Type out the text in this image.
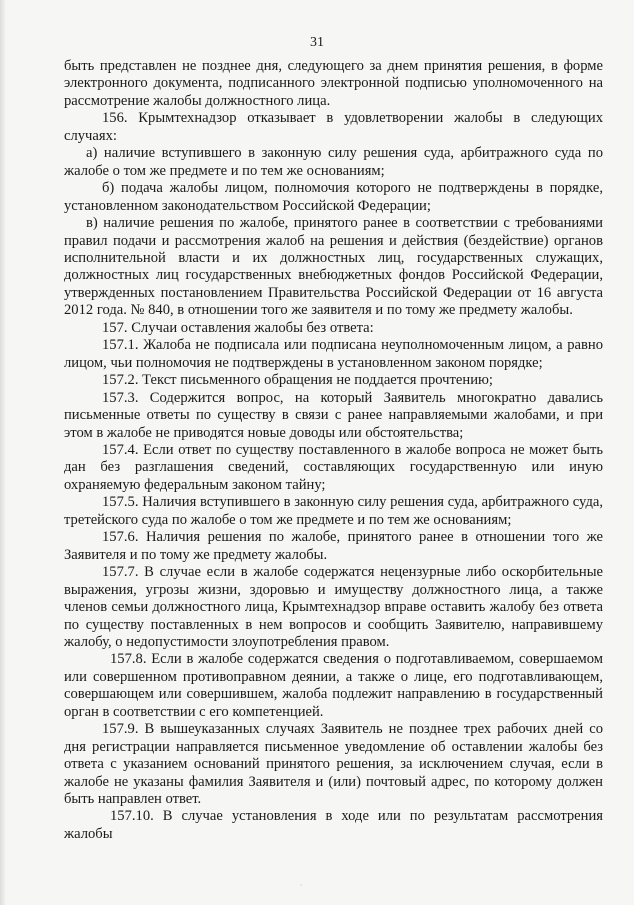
31

быть представлен не позднее дня, следующего за днем принятия решения, в форме электронного документа, подписанного электронной подписью уполномоченного на рассмотрение жалобы должностного лица.

156. Крымтехнадзор отказывает в удовлетворении жалобы в следующих случаях:

а) наличие вступившего в законную силу решения суда, арбитражного суда по жалобе о том же предмете и по тем же основаниям;

б) подача жалобы лицом, полномочия которого не подтверждены в порядке, установленном законодательством Российской Федерации;

в) наличие решения по жалобе, принятого ранее в соответствии с требованиями правил подачи и рассмотрения жалоб на решения и действия (бездействие) органов исполнительной власти и их должностных лиц, государственных служащих, должностных лиц государственных внебюджетных фондов Российской Федерации, утвержденных постановлением Правительства Российской Федерации от 16 августа 2012 года. № 840, в отношении того же заявителя и по тому же предмету жалобы.

157. Случаи оставления жалобы без ответа:

157.1. Жалоба не подписала или подписана неуполномоченным лицом, а равно лицом, чьи полномочия не подтверждены в установленном законом порядке;

157.2. Текст письменного обращения не поддается прочтению;

157.3. Содержится вопрос, на который Заявитель многократно давались письменные ответы по существу в связи с ранее направляемыми жалобами, и при этом в жалобе не приводятся новые доводы или обстоятельства;

157.4. Если ответ по существу поставленного в жалобе вопроса не может быть дан без разглашения сведений, составляющих государственную или иную охраняемую федеральным законом тайну;

157.5. Наличия вступившего в законную силу решения суда, арбитражного суда, третейского суда по жалобе о том же предмете и по тем же основаниям;

157.6. Наличия решения по жалобе, принятого ранее в отношении того же Заявителя и по тому же предмету жалобы.

157.7. В случае если в жалобе содержатся нецензурные либо оскорбительные выражения, угрозы жизни, здоровью и имуществу должностного лица, а также членов семьи должностного лица, Крымтехнадзор вправе оставить жалобу без ответа по существу поставленных в нем вопросов и сообщить Заявителю, направившему жалобу, о недопустимости злоупотребления правом.

157.8. Если в жалобе содержатся сведения о подготавливаемом, совершаемом или совершенном противоправном деянии, а также о лице, его подготавливающем, совершающем или совершившем, жалоба подлежит направлению в государственный орган в соответствии с его компетенцией.

157.9. В вышеуказанных случаях Заявитель не позднее трех рабочих дней со дня регистрации направляется письменное уведомление об оставлении жалобы без ответа с указанием оснований принятого решения, за исключением случая, если в жалобе не указаны фамилия Заявителя и (или) почтовый адрес, по которому должен быть направлен ответ.

157.10. В случае установления в ходе или по результатам рассмотрения жалобы
